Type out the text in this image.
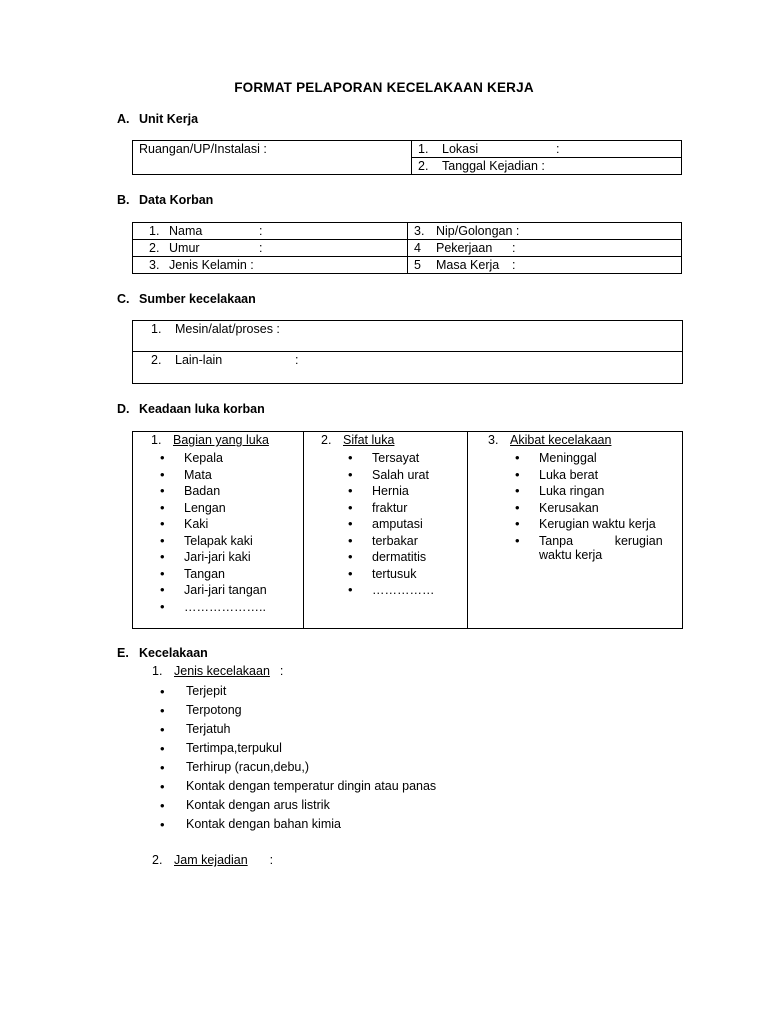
FORMAT PELAPORAN KECELAKAAN KERJA
A. Unit Kerja
Ruangan/UP/Instalasi :	1. Lokasi	:
2. Tanggal Kejadian :
B. Data Korban
1. Nama :	3. Nip/Golongan :
2. Umur :	4 Pekerjaan :
3. Jenis Kelamin :	5 Masa Kerja :
C. Sumber kecelakaan
1. Mesin/alat/proses :
2. Lain-lain	:
D. Keadaan luka korban
1. Bagian yang luka
• Kepala
• Mata
• Badan
• Lengan
• Kaki
• Telapak kaki
• Jari-jari kaki
• Tangan
• Jari-jari tangan
• ………………..
2. Sifat luka
• Tersayat
• Salah urat
• Hernia
• fraktur
• amputasi
• terbakar
• dermatitis
• tertusuk
• ……………
3. Akibat kecelakaan
• Meninggal
• Luka berat
• Luka ringan
• Kerusakan
• Kerugian waktu kerja
• Tanpa            kerugian
waktu kerja
E. Kecelakaan
1. Jenis kecelakaan :
• Terjepit
• Terpotong
• Terjatuh
• Tertimpa,terpukul
• Terhirup (racun,debu,)
• Kontak dengan temperatur dingin atau panas
• Kontak dengan arus listrik
• Kontak dengan bahan kimia
2. Jam kejadian :
